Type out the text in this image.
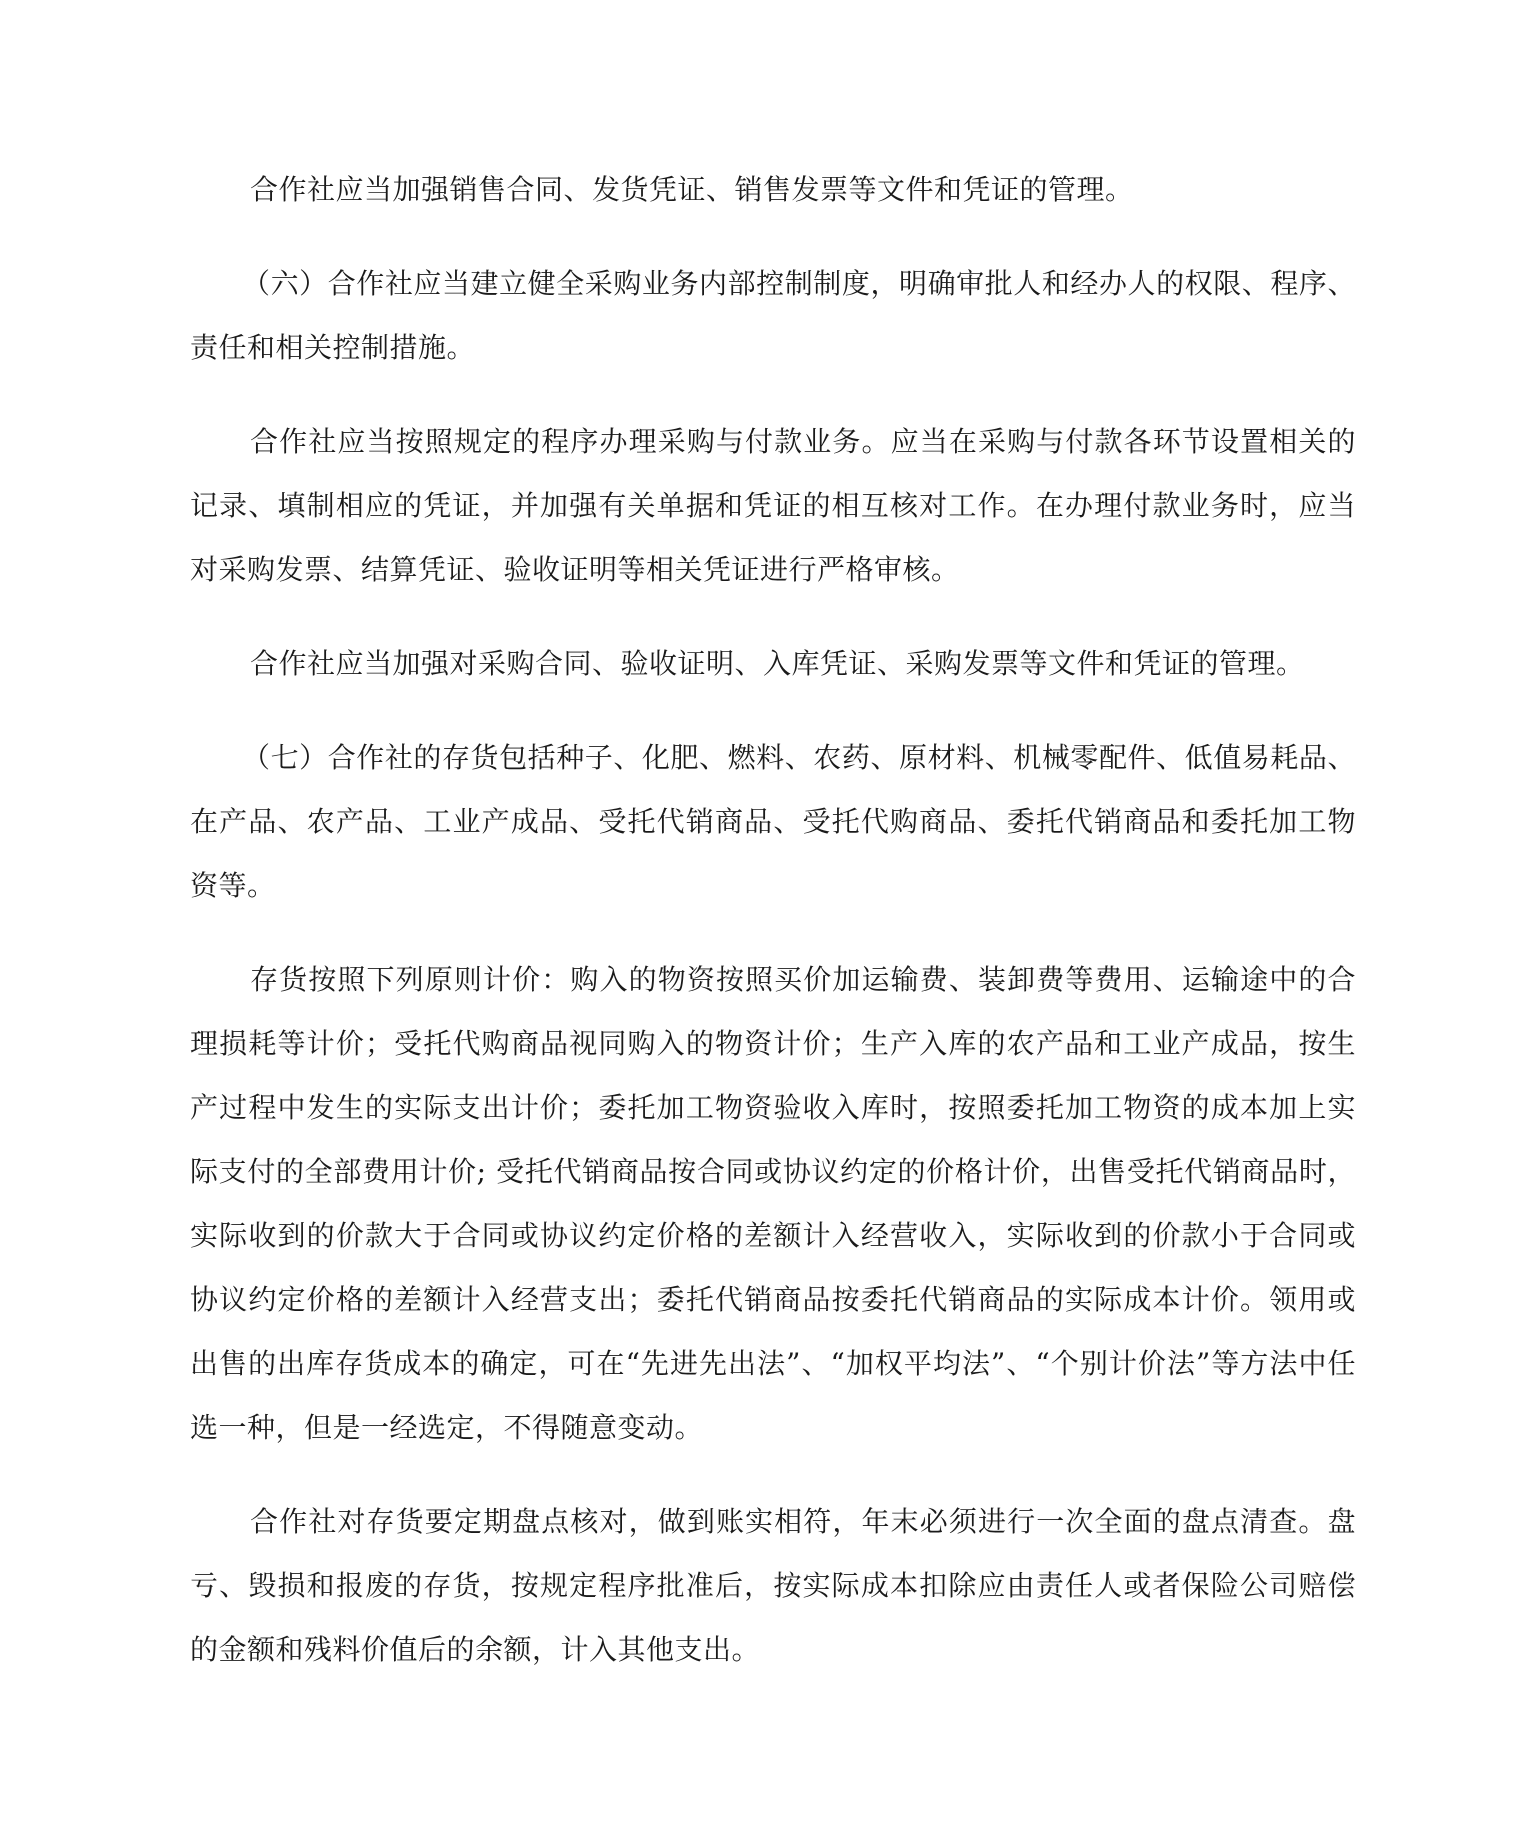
合作社应当加强销售合同、发货凭证、销售发票等文件和凭证的管理。

（六）合作社应当建立健全采购业务内部控制制度，明确审批人和经办人的权限、程序、责任和相关控制措施。

合作社应当按照规定的程序办理采购与付款业务。应当在采购与付款各环节设置相关的记录、填制相应的凭证，并加强有关单据和凭证的相互核对工作。在办理付款业务时，应当对采购发票、结算凭证、验收证明等相关凭证进行严格审核。

合作社应当加强对采购合同、验收证明、入库凭证、采购发票等文件和凭证的管理。

（七）合作社的存货包括种子、化肥、燃料、农药、原材料、机械零配件、低值易耗品、在产品、农产品、工业产成品、受托代销商品、受托代购商品、委托代销商品和委托加工物资等。

存货按照下列原则计价：购入的物资按照买价加运输费、装卸费等费用、运输途中的合理损耗等计价；受托代购商品视同购入的物资计价；生产入库的农产品和工业产成品，按生产过程中发生的实际支出计价；委托加工物资验收入库时，按照委托加工物资的成本加上实际支付的全部费用计价; 受托代销商品按合同或协议约定的价格计价，出售受托代销商品时，实际收到的价款大于合同或协议约定价格的差额计入经营收入，实际收到的价款小于合同或协议约定价格的差额计入经营支出；委托代销商品按委托代销商品的实际成本计价。领用或出售的出库存货成本的确定，可在“先进先出法”、“加权平均法”、“个别计价法”等方法中任选一种，但是一经选定，不得随意变动。

合作社对存货要定期盘点核对，做到账实相符，年末必须进行一次全面的盘点清查。盘亏、毁损和报废的存货，按规定程序批准后，按实际成本扣除应由责任人或者保险公司赔偿的金额和残料价值后的余额，计入其他支出。
